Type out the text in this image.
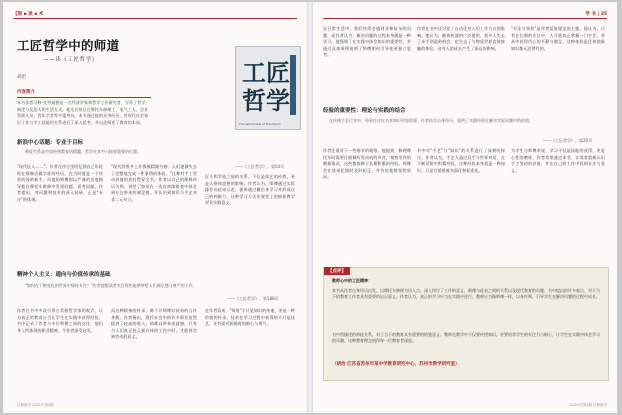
【阅 ▪ 读 ▪ 术
工匠哲学中的师道
——读《工匠哲学》
胡治
内容简介
本书作者马修·克劳福德是一名经济学家和哲学工作研究者，写作了哲学，阐述与反思人的生活方式。他先后担任过摩托车修理工、电气工人、企业管理人员、青年学者等多重身份。本书通过他的亲身经历，对现代社会知识工作与手工技能的关系进行了深入思考，并以此阐述了教育的本质。
工匠
哲学
The Worldview of Handwork
新浪中心话题：专业于目标
师徒关系是中国传统教育的精髓，哲学在其中占据着重要的位置。
"现代匠人……"。作者在序言里回忆到自己年轻时在维修店做学徒的经历，在当时他是一个经验尚浅的新手，而他的师傅则以严谨的态度指导他在摩托车维修中发现问题、思考问题。作者提出，对问题和技术的深入钻研，正是"专注"的体现。
"现代的很多工作都被精细分割，人们逐渐失去了完整地完成一件事情的体验。"这种对手工劳动价值的追问贯穿全书。作者以自己的维修经历为例，讲述了如何在一次次故障排查中体会到专注带来的满足感，并认识到知识与手艺并非二元对立。
——《工匠哲学》，第54页
匠人和学徒之间的关系，不仅是技艺的传授，更是人格和思想的影响。作者认为，师傅通过实际操作向徒弟示范，徒弟通过模仿来学习并形成自己的判断力，这种学习方式比课堂上的抽象教学更具实践意义。
精神个人主义：通向与价值传承的基础
"如何在不断变化的世界中保持专注？"作者提醒读者关注那些能够带给人们满足感与尊严的工作。
——《工匠哲学》，第188页
作者在书中多次引用古希腊哲学家的观点，认为真正的教育应当让学生在实践中获得经验。书中记录了作者与多位师傅之间的交往，他们身上所体现的职业精神，令作者深受启发。
而这种精神的传承，离不开师傅对徒弟的言传身教。作者指出，现代社会中的许多职业虽然提供了较高的收入，却难以带来成就感。只有当人们真正投入到具体的工作中时，才能体会到劳动的意义。
在作者看来，"师道"不只是知识的传递，更是一种价值的传承。徒弟在学习过程中获得的不只是技艺，还有面对困难时的耐心与勇气。
自修报刊 2021年第4期
学 书 | 35
在日常生活中，我们经常会遇到各种复杂的问题，而作者认为，解决问题的过程本身就是一种学习。他强调了在实践中体会知识的重要性，并通过具体事例说明了师傅如何引导徒弟独立思考。
作者在书中还讨论了自动化对人们工作方式的影响。他认为，随着机器的广泛使用，很多人失去了亲手创造的机会，也失去了与物质世界直接接触的体验，这对人的成长产生了深远的影响。
"专注与坚持"是作者反复提及的主题。他认为，只有在长期的专注中，人才能真正掌握一门手艺，并从中获得内心的平静与满足。这种体验是任何抽象知识都无法替代的。
经验的重要性：理论与实践的结合
在传统手艺行业中，经验往往比书本知识更加重要。作者结合自身经历，说明了实践经验在解决实际问题中的价值。
——《工匠哲学》，第20页
作者注重对于一些细节的观察，他提到，修理摩托车时需要仔细倾听发动机的声音，观察零件的磨损情况，这些都依赖于长期积累的经验。师傅会在徒弟犯错时及时纠正，并告诉他错误的原因。
书中对"手艺"与"知识"的关系进行了深刻的探讨。作者认为，手艺人通过双手与世界对话，在不断试错中积累经验，这种经验本身就是一种知识，只是它很难被书面化和标准化。
为学生与师傅来说，学习不仅是技能的获得，更是心性的磨炼。作者希望通过本书，让读者重新认识手工劳动的价值，并在自己的工作中找到专注与意义。
【点评】
教师心中的工匠精神：
本书从作者自身经历出发，以摩托车修理为切入点，深入探讨了工作的意义、师傅与徒弟之间的关系以及现代教育的问题。书中提出的许多观点，对于当下的教育工作者具有重要的启示意义。作者认为，真正的学习应当在实践中进行，教师应当像师傅一样，以身作则，引导学生在解决问题的过程中成长。
书中所描述的师徒关系，对于当下的教育具有重要的借鉴意义。教师在教学中不仅要传授知识，更要培养学生的专注力与耐心，让学生在实践中体会学习的乐趣。这种教育理念值得每一位教育者深思。
（胡治 江苏省苏州市某中学教育研究中心，苏州市教学研究室）
2021年第4期 自修报刊
